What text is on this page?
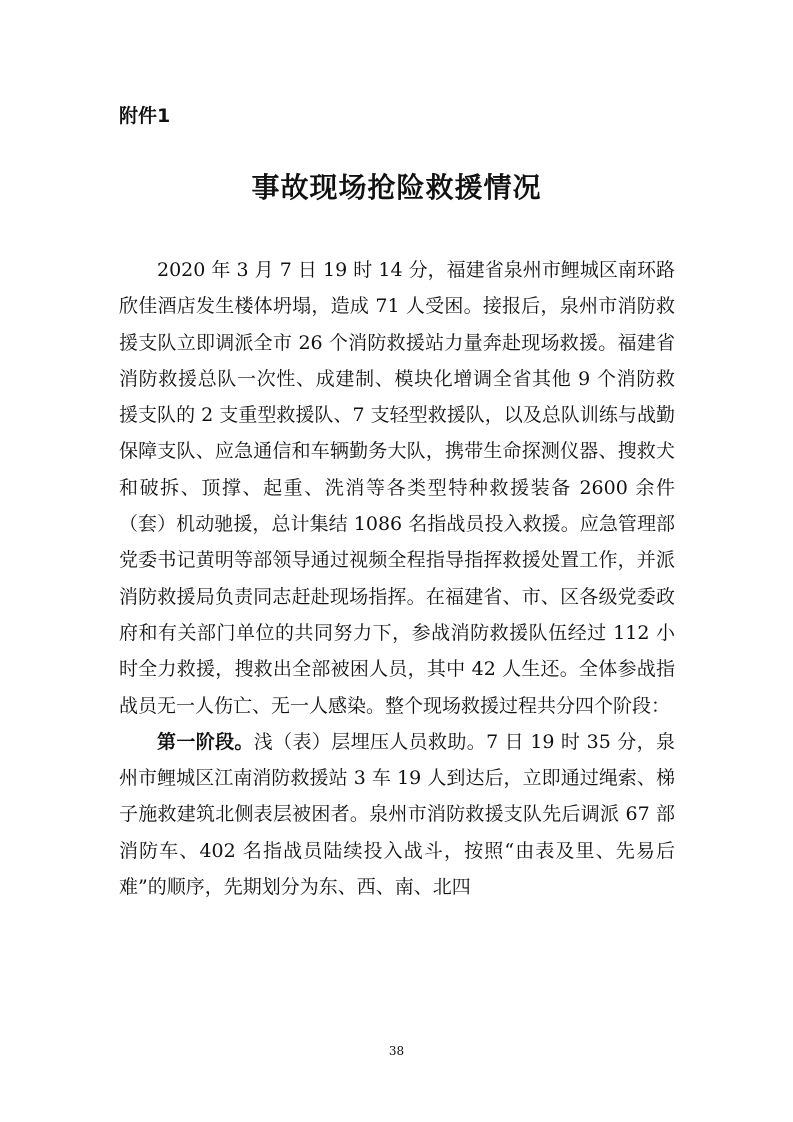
附件1

事故现场抢险救援情况

2020 年 3 月 7 日 19 时 14 分，福建省泉州市鲤城区南环路欣佳酒店发生楼体坍塌，造成 71 人受困。接报后，泉州市消防救援支队立即调派全市 26 个消防救援站力量奔赴现场救援。福建省消防救援总队一次性、成建制、模块化增调全省其他 9 个消防救援支队的 2 支重型救援队、7 支轻型救援队，以及总队训练与战勤保障支队、应急通信和车辆勤务大队，携带生命探测仪器、搜救犬和破拆、顶撑、起重、洗消等各类型特种救援装备 2600 余件（套）机动驰援，总计集结 1086 名指战员投入救援。应急管理部党委书记黄明等部领导通过视频全程指导指挥救援处置工作，并派消防救援局负责同志赶赴现场指挥。在福建省、市、区各级党委政府和有关部门单位的共同努力下，参战消防救援队伍经过 112 小时全力救援，搜救出全部被困人员，其中 42 人生还。全体参战指战员无一人伤亡、无一人感染。整个现场救援过程共分四个阶段：

第一阶段。浅（表）层埋压人员救助。7 日 19 时 35 分，泉州市鲤城区江南消防救援站 3 车 19 人到达后，立即通过绳索、梯子施救建筑北侧表层被困者。泉州市消防救援支队先后调派 67 部消防车、402 名指战员陆续投入战斗，按照“由表及里、先易后难”的顺序，先期划分为东、西、南、北四

38
